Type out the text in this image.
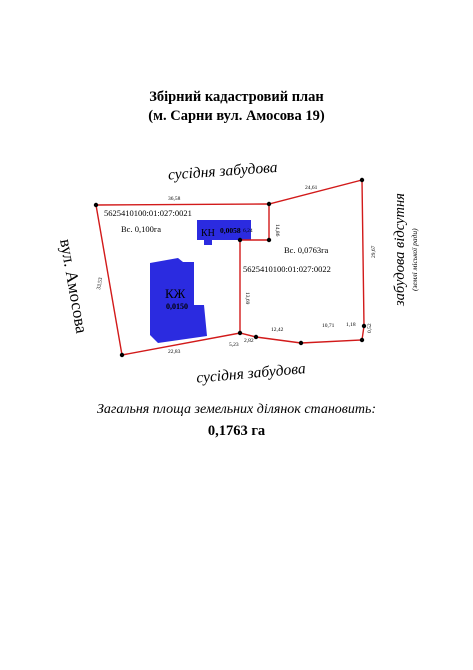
Збірний кадастровий план
(м. Сарни вул. Амосова 19)
КЖ
0,0150
КН 0,0058
5625410100:01:027:0021
Вс. 0,100га
Вс. 0,0763га
5625410100:01:027:0022
36,58
24,61
33,53
29,67
6,24	14,86
13,69
22,83
5,23
2,82
12,42
10,71 1,18 0,52
сусідня забудова
сусідня забудова
вул. Амосова	забудова відсутня (землі міської ради)
Загальня площа земельних ділянок становить:
0,1763 га
